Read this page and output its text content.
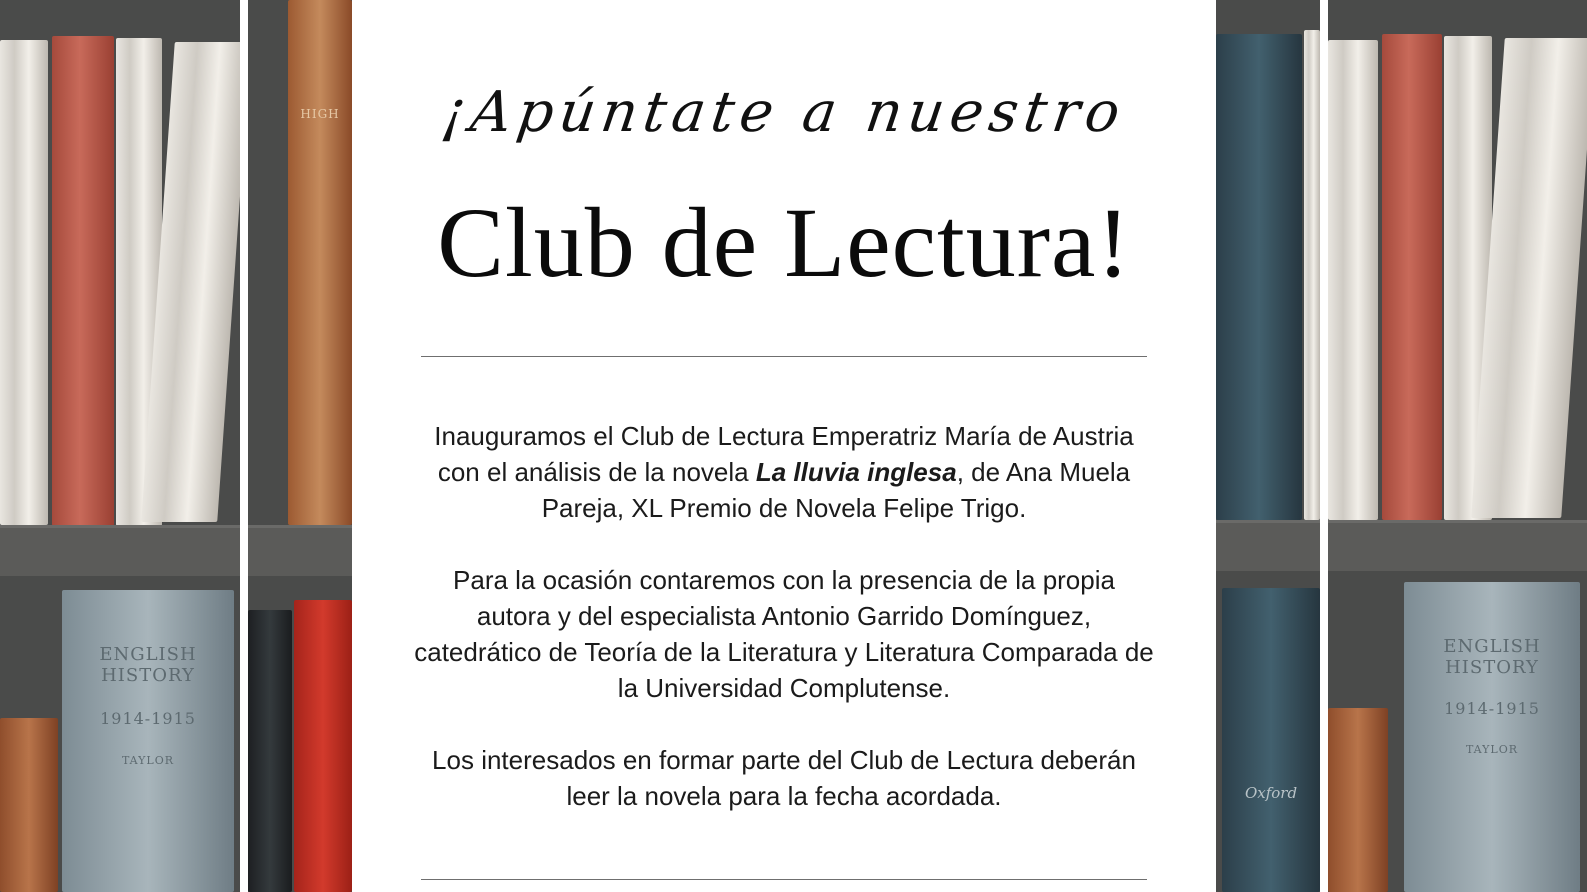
ENGLISH HISTORY
1914-1915
TAYLOR
HIGH	¡Apúntate a nuestro
Club de Lectura!

Inauguramos el Club de Lectura Emperatriz María de Austria con el análisis de la novela La lluvia inglesa, de Ana Muela Pareja, XL Premio de Novela Felipe Trigo.

Para la ocasión contaremos con la presencia de la propia autora y del especialista Antonio Garrido Domínguez, catedrático de Teoría de la Literatura y Literatura Comparada de la Universidad Complutense.

Los interesados en formar parte del Club de Lectura deberán leer la novela para la fecha acordada.	Oxford
ENGLISH HISTORY
1914-1915
TAYLOR
